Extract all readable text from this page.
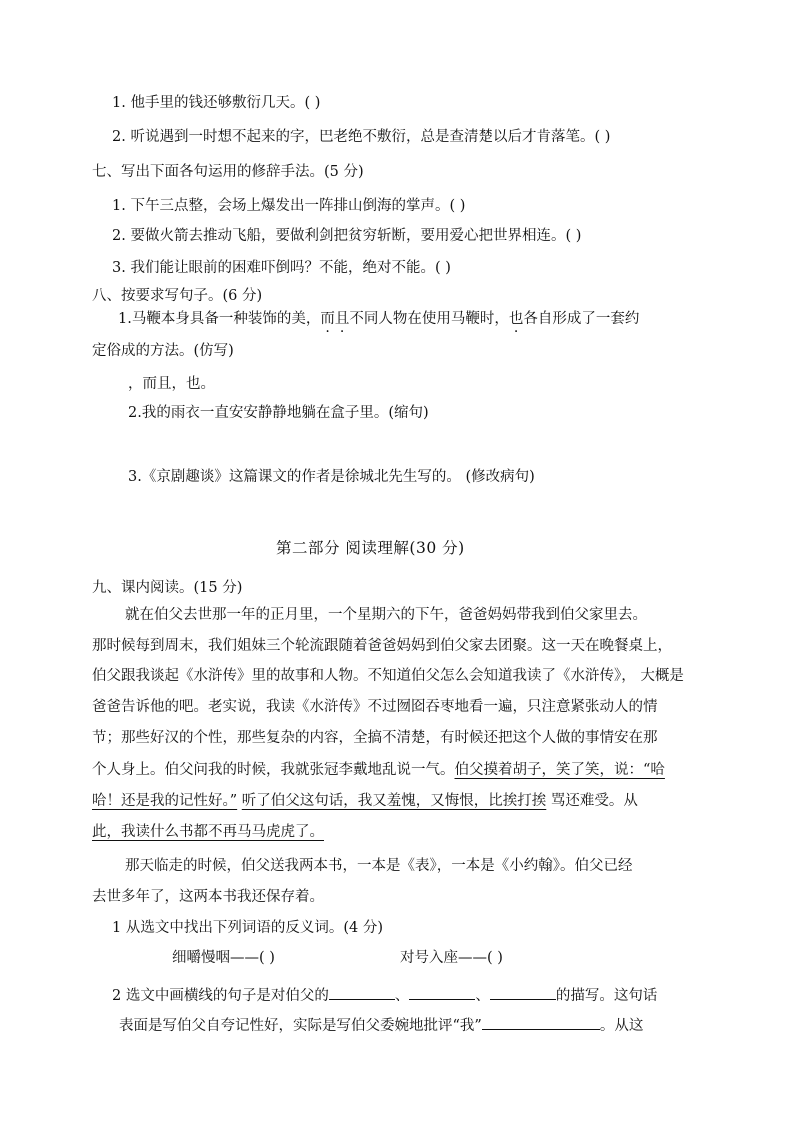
1. 他手里的钱还够敷衍几天。( )
2. 听说遇到一时想不起来的字，巴老绝不敷衍，总是查清楚以后才肯落笔。( )
七、写出下面各句运用的修辞手法。(5 分)
1. 下午三点整，会场上爆发出一阵排山倒海的掌声。( )
2. 要做火箭去推动飞船，要做利剑把贫穷斩断，要用爱心把世界相连。( )
3. 我们能让眼前的困难吓倒吗？不能，绝对不能。( )
八、按要求写句子。(6 分)
1.马鞭本身具备一种装饰的美，而且不同人物在使用马鞭时，也各自形成了一套约
定俗成的方法。(仿写)
，而且，也。
2.我的雨衣一直安安静静地躺在盒子里。(缩句)
3.《京剧趣谈》这篇课文的作者是徐城北先生写的。 (修改病句)
第二部分 阅读理解(30 分)
九、课内阅读。(15 分)
就在伯父去世那一年的正月里，一个星期六的下午，爸爸妈妈带我到伯父家里去。
那时候每到周末，我们姐妹三个轮流跟随着爸爸妈妈到伯父家去团聚。这一天在晚餐桌上，
伯父跟我谈起《水浒传》里的故事和人物。不知道伯父怎么会知道我读了《水浒传》， 大概是
爸爸告诉他的吧。老实说，我读《水浒传》不过囫囵吞枣地看一遍，只注意紧张动人的情
节；那些好汉的个性，那些复杂的内容，全搞不清楚，有时候还把这个人做的事情安在那
个人身上。伯父问我的时候，我就张冠李戴地乱说一气。伯父摸着胡子，笑了笑，说：“哈
哈！还是我的记性好。” 听了伯父这句话，我又羞愧，又悔恨，比挨打挨 骂还难受。从
此，我读什么书都不再马马虎虎了。
那天临走的时候，伯父送我两本书，一本是《表》，一本是《小约翰》。伯父已经
去世多年了，这两本书我还保存着。
1 从选文中找出下列词语的反义词。(4 分)
细嚼慢咽——( )	对号入座——( )
2 选文中画横线的句子是对伯父的	、	、	的描写。这句话
表面是写伯父自夸记性好，实际是写伯父委婉地批评“我”	。从这
